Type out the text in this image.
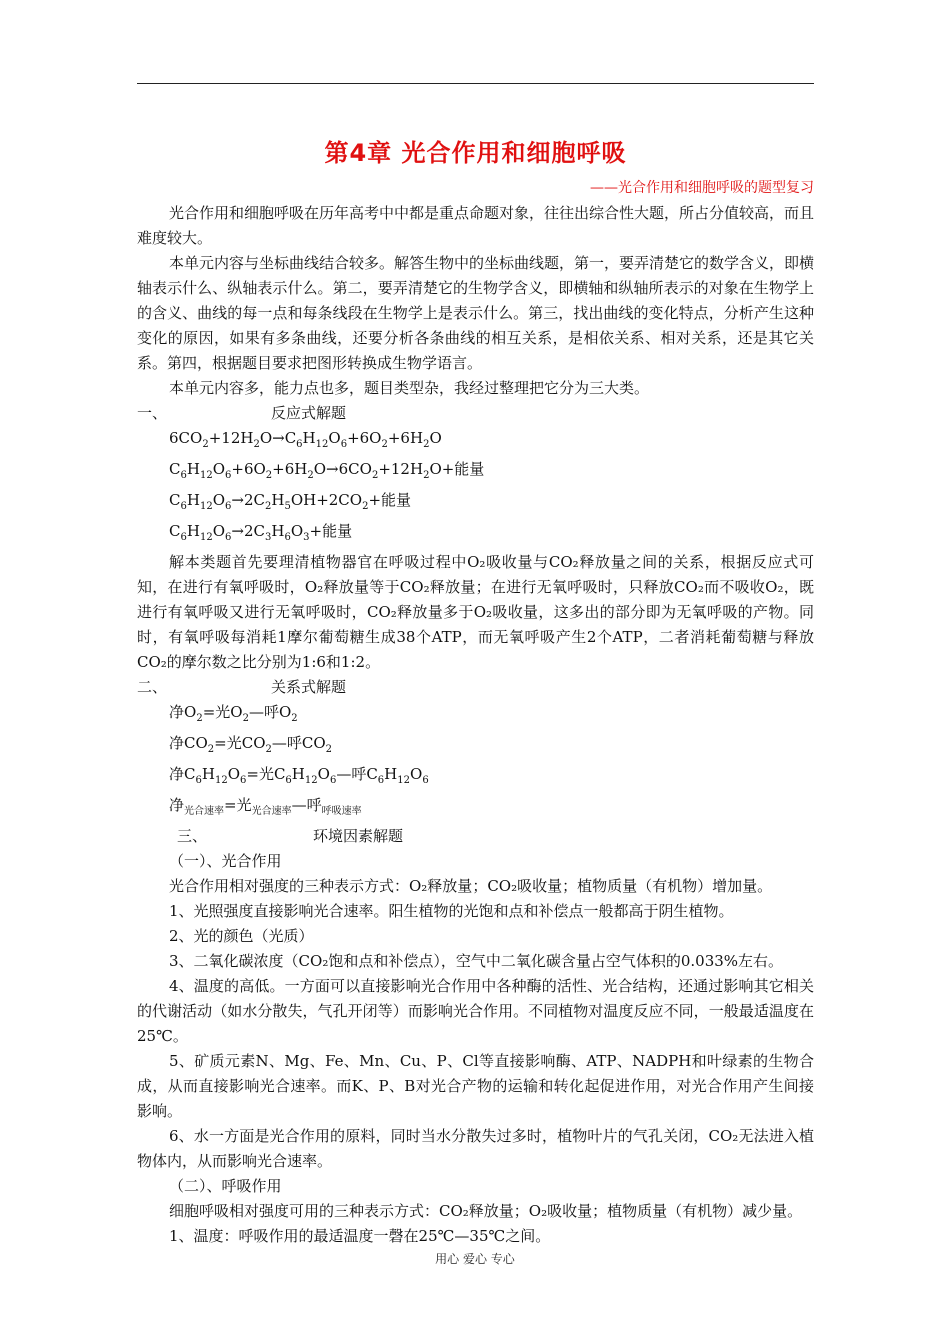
第4章 光合作用和细胞呼吸
——光合作用和细胞呼吸的题型复习

光合作用和细胞呼吸在历年高考中中都是重点命题对象，往往出综合性大题，所占分值较高，而且难度较大。

本单元内容与坐标曲线结合较多。解答生物中的坐标曲线题，第一，要弄清楚它的数学含义，即横轴表示什么、纵轴表示什么。第二，要弄清楚它的生物学含义，即横轴和纵轴所表示的对象在生物学上的含义、曲线的每一点和每条线段在生物学上是表示什么。第三，找出曲线的变化特点，分析产生这种变化的原因，如果有多条曲线，还要分析各条曲线的相互关系，是相依关系、相对关系，还是其它关系。第四，根据题目要求把图形转换成生物学语言。

本单元内容多，能力点也多，题目类型杂，我经过整理把它分为三大类。

一、	反应式解题

$6CO_2+12H_2O\to C_6H_{12}O_6+6O_2+6H_2O$

$C_6H_{12}O_6+6O_2+6H_2O\to 6CO_2+12H_2O+$能量

$C_6H_{12}O_6\to 2C_2H_5OH+2CO_2+$能量

$C_6H_{12}O_6\to 2C_3H_6O_3+$能量

解本类题首先要理清植物器官在呼吸过程中O₂吸收量与CO₂释放量之间的关系，根据反应式可知，在进行有氧呼吸时，O₂释放量等于CO₂释放量；在进行无氧呼吸时，只释放CO₂而不吸收O₂，既进行有氧呼吸又进行无氧呼吸时，CO₂释放量多于O₂吸收量，这多出的部分即为无氧呼吸的产物。同时，有氧呼吸每消耗1摩尔葡萄糖生成38个ATP，而无氧呼吸产生2个ATP，二者消耗葡萄糖与释放CO₂的摩尔数之比分别为1:6和1:2。

二、	关系式解题

净$O_2=$光$O_2—$呼$O_2$

净$CO_2=$光$CO_2—$呼$CO_2$

净$C_6H_{12}O_6=$光$C_6H_{12}O_6—$呼$C_6H_{12}O_6$

净$_{光合速率}$=光$_{光合速率}$—呼$_{呼吸速率}$

三、	环境因素解题

（一）、光合作用

光合作用相对强度的三种表示方式：O₂释放量；CO₂吸收量；植物质量（有机物）增加量。

1、光照强度直接影响光合速率。阳生植物的光饱和点和补偿点一般都高于阴生植物。

2、光的颜色（光质）

3、二氧化碳浓度（CO₂饱和点和补偿点），空气中二氧化碳含量占空气体积的0.033%左右。

4、温度的高低。一方面可以直接影响光合作用中各种酶的活性、光合结构，还通过影响其它相关的代谢活动（如水分散失，气孔开闭等）而影响光合作用。不同植物对温度反应不同，一般最适温度在25℃。

5、矿质元素N、Mg、Fe、Mn、Cu、P、Cl等直接影响酶、ATP、NADPH和叶绿素的生物合成，从而直接影响光合速率。而K、P、B对光合产物的运输和转化起促进作用，对光合作用产生间接影响。

6、水一方面是光合作用的原料，同时当水分散失过多时，植物叶片的气孔关闭，CO₂无法进入植物体内，从而影响光合速率。

（二）、呼吸作用

细胞呼吸相对强度可用的三种表示方式：CO₂释放量；O₂吸收量；植物质量（有机物）减少量。

1、温度：呼吸作用的最适温度一磬在25℃—35℃之间。

用心 爱心 专心
